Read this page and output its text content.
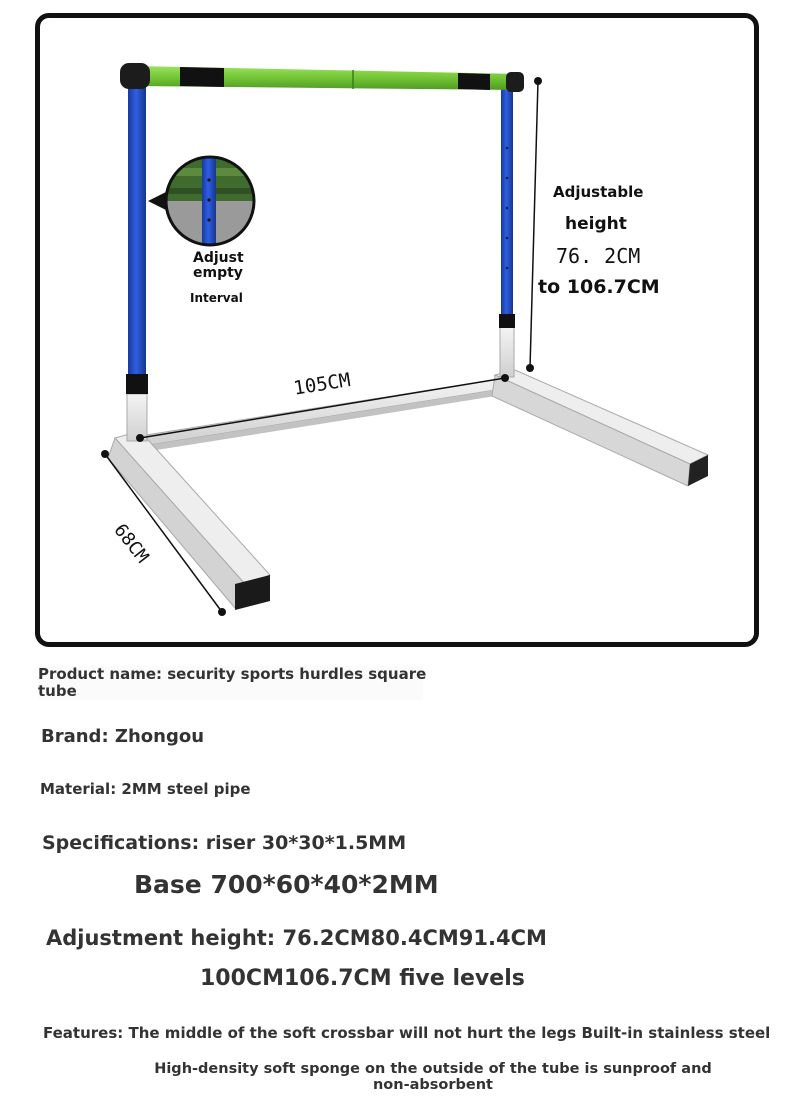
Adjust
empty
Interval
Adjustable
height
76. 2CM
to 106.7CM
105CM
68CM
Product name: security sports hurdles square
tube
Brand: Zhongou
Material: 2MM steel pipe
Specifications: riser 30*30*1.5MM
Base 700*60*40*2MM
Adjustment height: 76.2CM80.4CM91.4CM
100CM106.7CM five levels
Features: The middle of the soft crossbar will not hurt the legs Built-in stainless steel
High-density soft sponge on the outside of the tube is sunproof and
non-absorbent
